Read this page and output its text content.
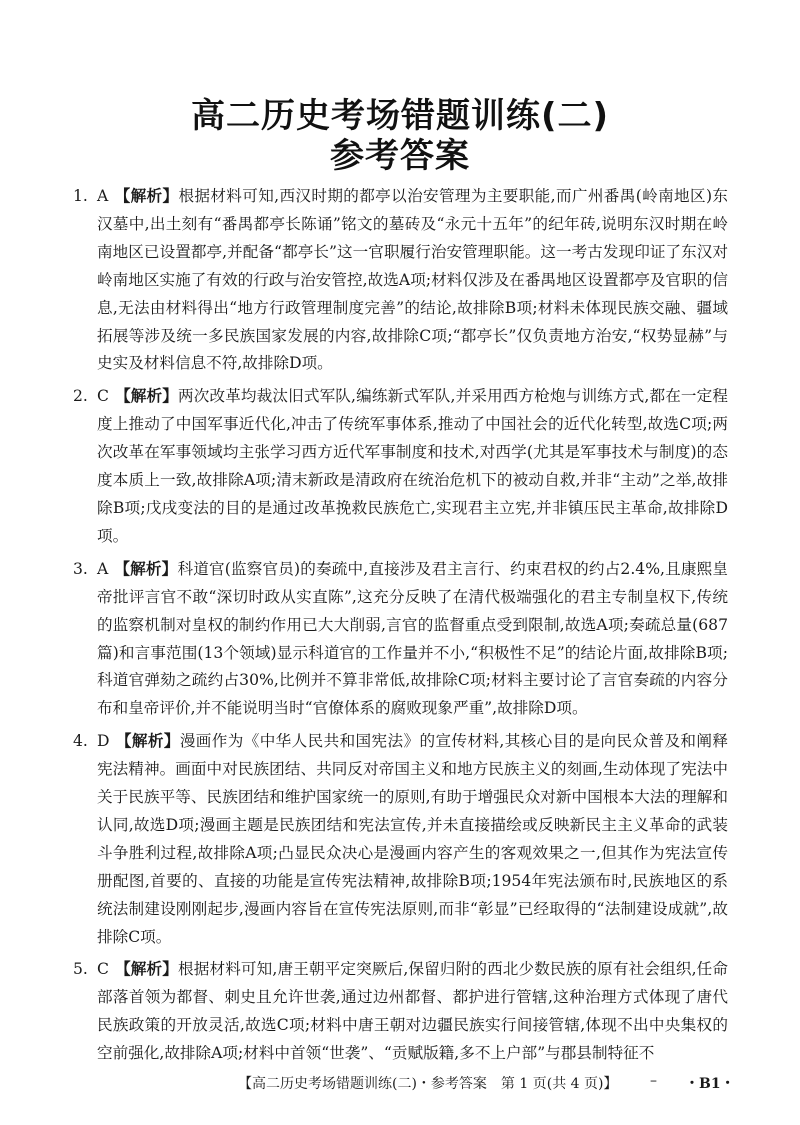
高二历史考场错题训练(二)
参考答案
1. A 【解析】根据材料可知,西汉时期的都亭以治安管理为主要职能,而广州番禺(岭南地区)东汉墓中,出土刻有“番禺都亭长陈诵”铭文的墓砖及“永元十五年”的纪年砖,说明东汉时期在岭南地区已设置都亭,并配备“都亭长”这一官职履行治安管理职能。这一考古发现印证了东汉对岭南地区实施了有效的行政与治安管控,故选A项;材料仅涉及在番禺地区设置都亭及官职的信息,无法由材料得出“地方行政管理制度完善”的结论,故排除B项;材料未体现民族交融、疆域拓展等涉及统一多民族国家发展的内容,故排除C项;“都亭长”仅负责地方治安,“权势显赫”与史实及材料信息不符,故排除D项。
2. C 【解析】两次改革均裁汰旧式军队,编练新式军队,并采用西方枪炮与训练方式,都在一定程度上推动了中国军事近代化,冲击了传统军事体系,推动了中国社会的近代化转型,故选C项;两次改革在军事领域均主张学习西方近代军事制度和技术,对西学(尤其是军事技术与制度)的态度本质上一致,故排除A项;清末新政是清政府在统治危机下的被动自救,并非“主动”之举,故排除B项;戊戌变法的目的是通过改革挽救民族危亡,实现君主立宪,并非镇压民主革命,故排除D项。
3. A 【解析】科道官(监察官员)的奏疏中,直接涉及君主言行、约束君权的约占2.4%,且康熙皇帝批评言官不敢“深切时政从实直陈”,这充分反映了在清代极端强化的君主专制皇权下,传统的监察机制对皇权的制约作用已大大削弱,言官的监督重点受到限制,故选A项;奏疏总量(687篇)和言事范围(13个领域)显示科道官的工作量并不小,“积极性不足”的结论片面,故排除B项;科道官弹劾之疏约占30%,比例并不算非常低,故排除C项;材料主要讨论了言官奏疏的内容分布和皇帝评价,并不能说明当时“官僚体系的腐败现象严重”,故排除D项。
4. D 【解析】漫画作为《中华人民共和国宪法》的宣传材料,其核心目的是向民众普及和阐释宪法精神。画面中对民族团结、共同反对帝国主义和地方民族主义的刻画,生动体现了宪法中关于民族平等、民族团结和维护国家统一的原则,有助于增强民众对新中国根本大法的理解和认同,故选D项;漫画主题是民族团结和宪法宣传,并未直接描绘或反映新民主主义革命的武装斗争胜利过程,故排除A项;凸显民众决心是漫画内容产生的客观效果之一,但其作为宪法宣传册配图,首要的、直接的功能是宣传宪法精神,故排除B项;1954年宪法颁布时,民族地区的系统法制建设刚刚起步,漫画内容旨在宣传宪法原则,而非“彰显”已经取得的“法制建设成就”,故排除C项。
5. C 【解析】根据材料可知,唐王朝平定突厥后,保留归附的西北少数民族的原有社会组织,任命部落首领为都督、刺史且允许世袭,通过边州都督、都护进行管辖,这种治理方式体现了唐代民族政策的开放灵活,故选C项;材料中唐王朝对边疆民族实行间接管辖,体现不出中央集权的空前强化,故排除A项;材料中首领“世袭”、“贡赋版籍,多不上户部”与郡县制特征不
【高二历史考场错题训练(二)・参考答案　第 1 页(共 4 页)】 – ・B1・
